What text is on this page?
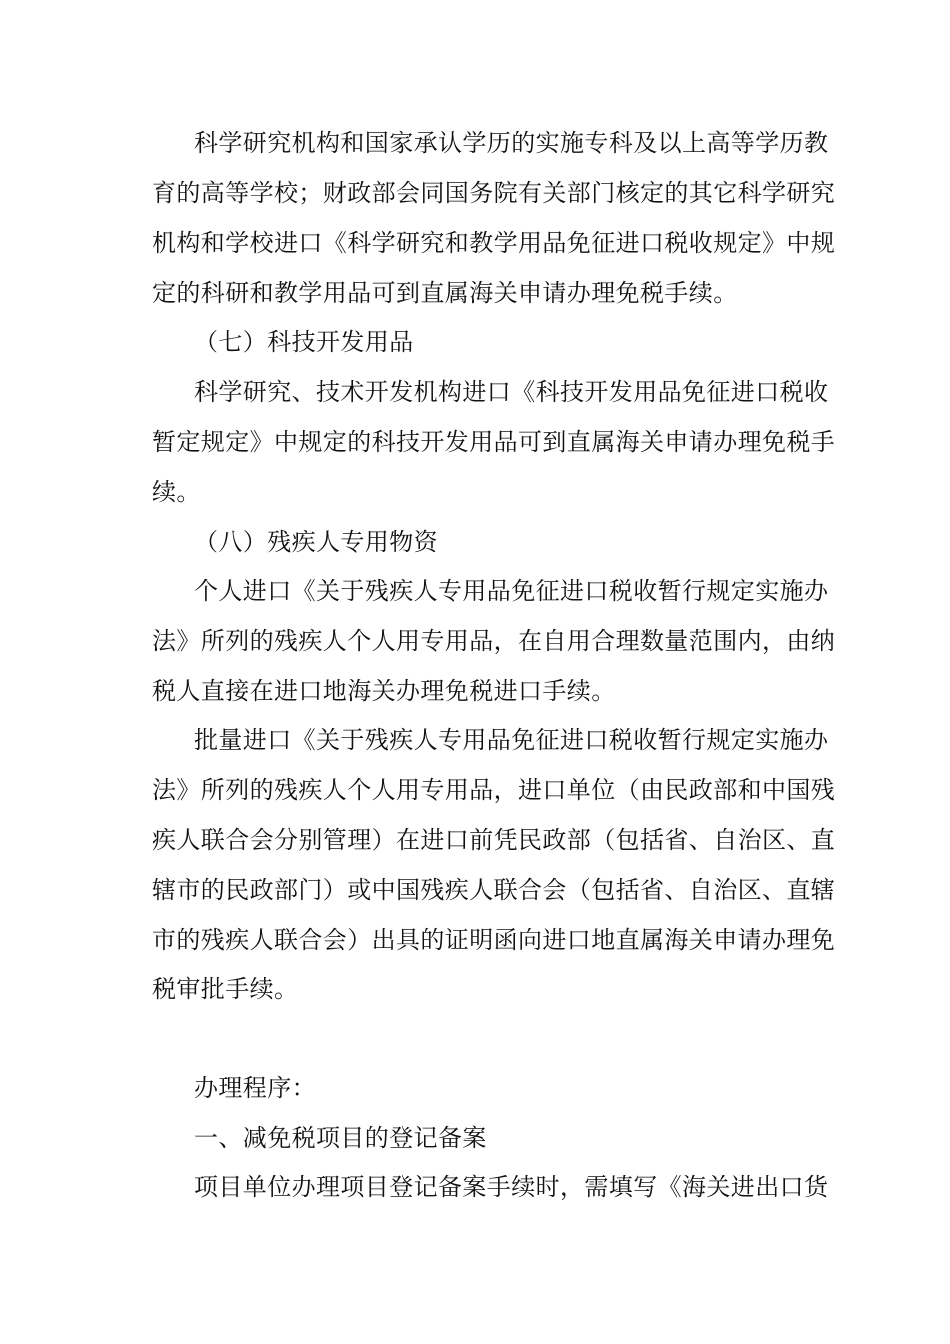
科学研究机构和国家承认学历的实施专科及以上高等学历教
育的高等学校；财政部会同国务院有关部门核定的其它科学研究
机构和学校进口《科学研究和教学用品免征进口税收规定》中规
定的科研和教学用品可到直属海关申请办理免税手续。
（七）科技开发用品
科学研究、技术开发机构进口《科技开发用品免征进口税收
暂定规定》中规定的科技开发用品可到直属海关申请办理免税手
续。
（八）残疾人专用物资
个人进口《关于残疾人专用品免征进口税收暂行规定实施办
法》所列的残疾人个人用专用品，在自用合理数量范围内，由纳
税人直接在进口地海关办理免税进口手续。
批量进口《关于残疾人专用品免征进口税收暂行规定实施办
法》所列的残疾人个人用专用品，进口单位（由民政部和中国残
疾人联合会分别管理）在进口前凭民政部（包括省、自治区、直
辖市的民政部门）或中国残疾人联合会（包括省、自治区、直辖
市的残疾人联合会）出具的证明函向进口地直属海关申请办理免
税审批手续。
办理程序：
一、减免税项目的登记备案
项目单位办理项目登记备案手续时，需填写《海关进出口货
